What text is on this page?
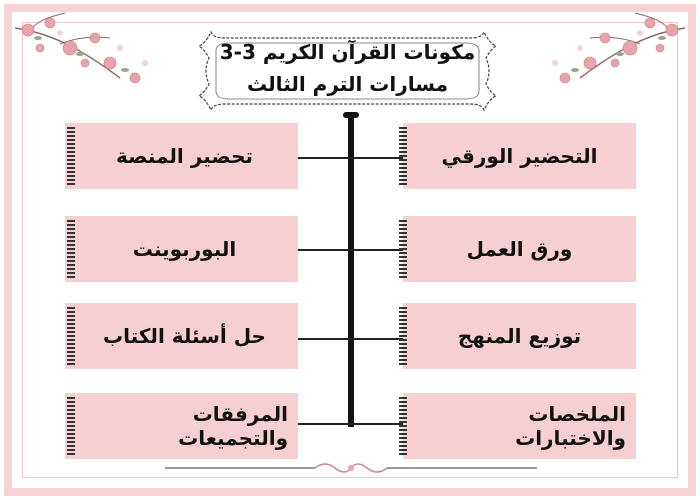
مكونات القرآن الكريم 3-3
مسارات الترم الثالث
تحضير المنصة
البوربوينت
حل أسئلة الكتاب
المرفقات والتجميعات
التحضير الورقي
ورق العمل
توزيع المنهج
الملخصات والاختبارات
